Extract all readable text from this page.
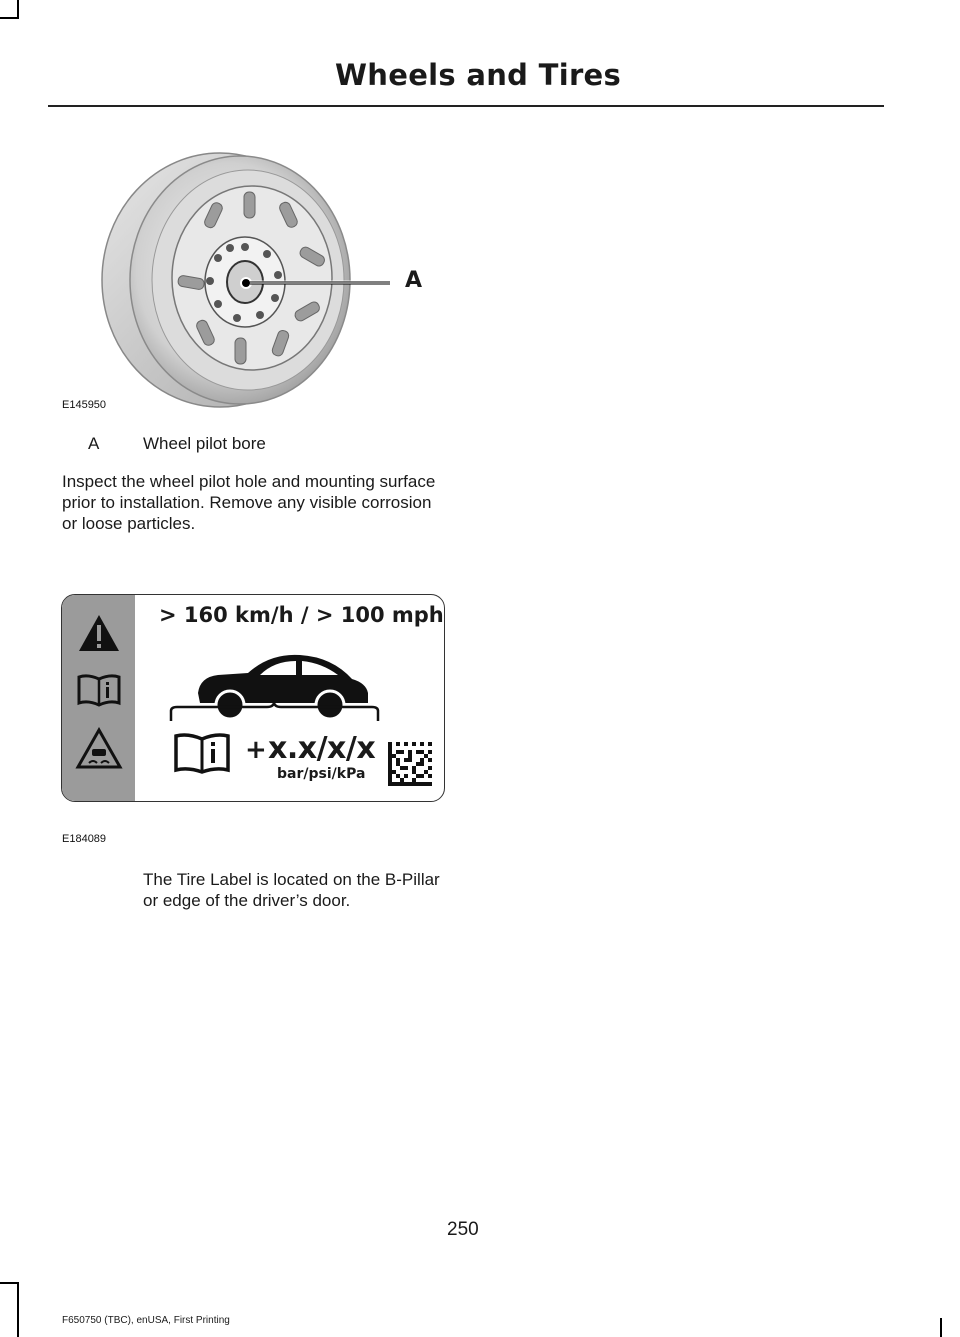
Wheels and Tires
E145950
A
A	Wheel pilot bore
Inspect the wheel pilot hole and mounting surface prior to installation. Remove any visible corrosion or loose particles.
> 160 km/h / > 100 mph
+ x.x/x/x
bar/psi/kPa
E184089
The Tire Label is located on the B-Pillar or edge of the driver’s door.
250
F650750 (TBC), enUSA, First Printing
